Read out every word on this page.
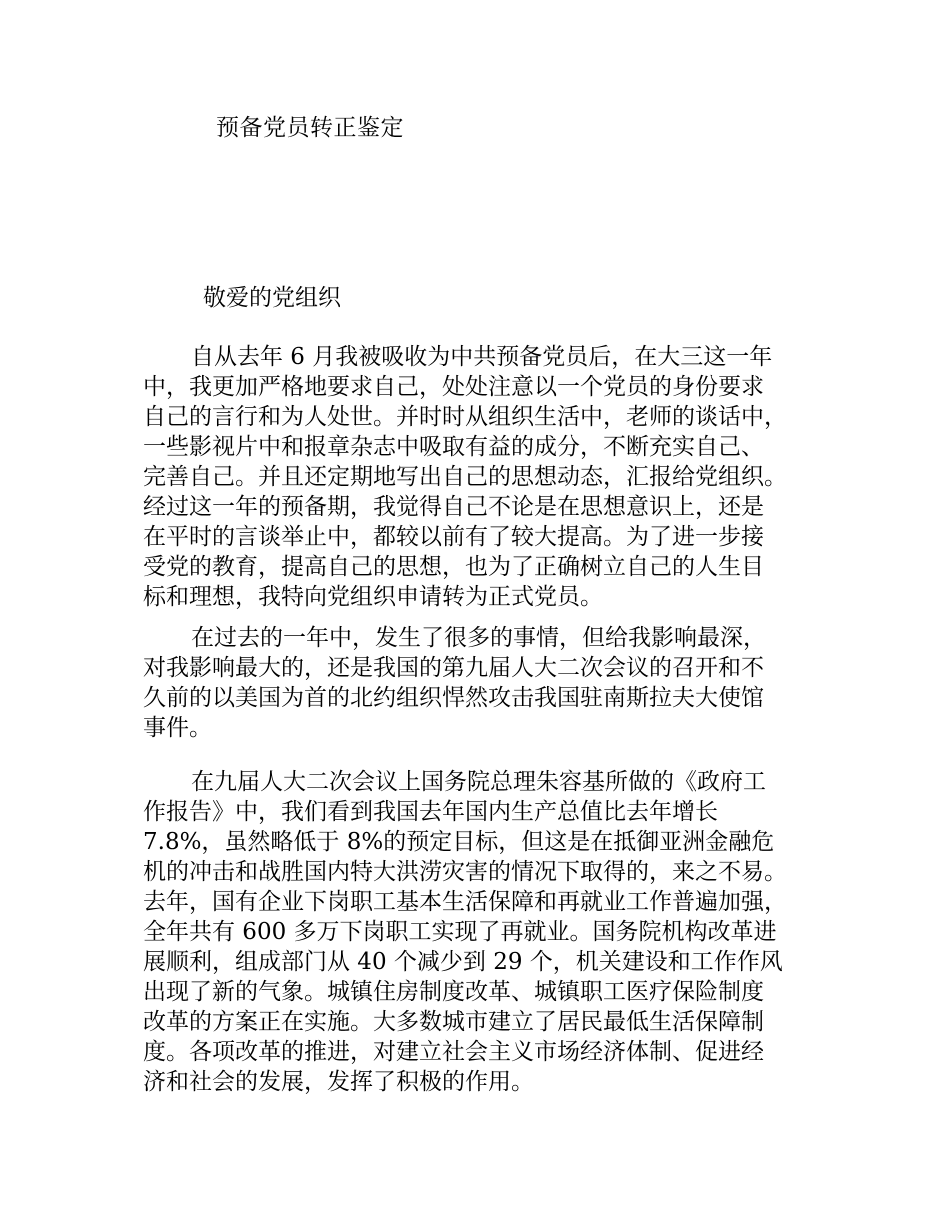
预备党员转正鉴定
敬爱的党组织
自从去年 6 月我被吸收为中共预备党员后，在大三这一年
中，我更加严格地要求自己，处处注意以一个党员的身份要求
自己的言行和为人处世。并时时从组织生活中，老师的谈话中，
一些影视片中和报章杂志中吸取有益的成分，不断充实自己、
完善自己。并且还定期地写出自己的思想动态，汇报给党组织。
经过这一年的预备期，我觉得自己不论是在思想意识上，还是
在平时的言谈举止中，都较以前有了较大提高。为了进一步接
受党的教育，提高自己的思想，也为了正确树立自己的人生目
标和理想，我特向党组织申请转为正式党员。
在过去的一年中，发生了很多的事情，但给我影响最深，
对我影响最大的，还是我国的第九届人大二次会议的召开和不
久前的以美国为首的北约组织悍然攻击我国驻南斯拉夫大使馆
事件。
在九届人大二次会议上国务院总理朱容基所做的《政府工
作报告》中，我们看到我国去年国内生产总值比去年增长
7.8%，虽然略低于 8%的预定目标，但这是在抵御亚洲金融危
机的冲击和战胜国内特大洪涝灾害的情况下取得的，来之不易。
去年，国有企业下岗职工基本生活保障和再就业工作普遍加强，
全年共有 600 多万下岗职工实现了再就业。国务院机构改革进
展顺利，组成部门从 40 个减少到 29 个，机关建设和工作作风
出现了新的气象。城镇住房制度改革、城镇职工医疗保险制度
改革的方案正在实施。大多数城市建立了居民最低生活保障制
度。各项改革的推进，对建立社会主义市场经济体制、促进经
济和社会的发展，发挥了积极的作用。
